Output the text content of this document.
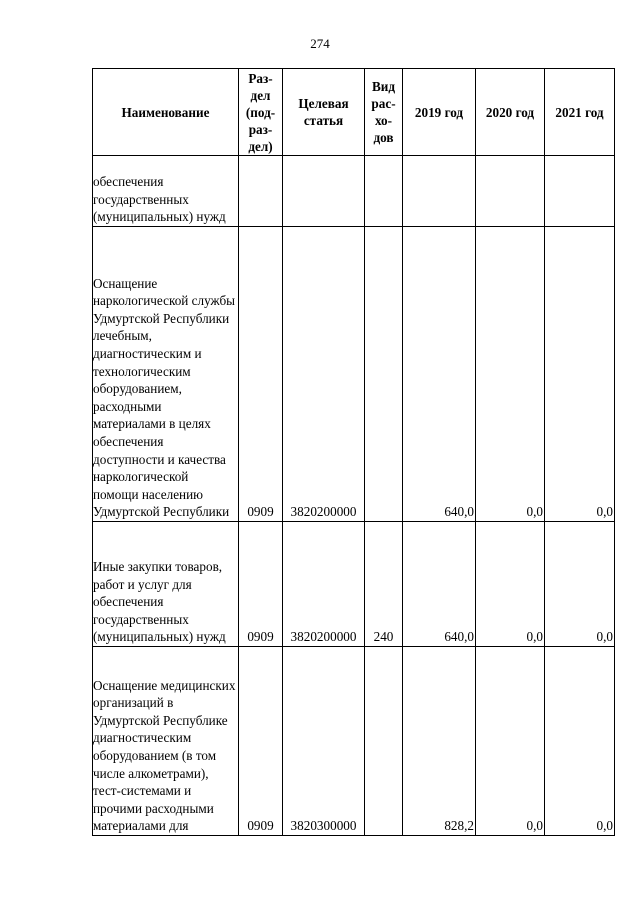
274
Наименование	Раз-
дел
(под-
раз-
дел)	Целевая
статья	Вид
рас-
хо-
дов	2019 год	2020 год	2021 год
обеспечения государственных (муниципальных) нужд						
Оснащение наркологической службы Удмуртской Республики лечебным, диагностическим и технологическим оборудованием, расходными материалами в целях обеспечения доступности и качества наркологической помощи населению Удмуртской Республики	0909	3820200000		640,0	0,0	0,0
Иные закупки товаров, работ и услуг для обеспечения государственных (муниципальных) нужд	0909	3820200000	240	640,0	0,0	0,0
Оснащение медицинских организаций в Удмуртской Республике диагностическим оборудованием (в том числе алкометрами), тест-системами и прочими расходными материалами для	0909	3820300000		828,2	0,0	0,0
